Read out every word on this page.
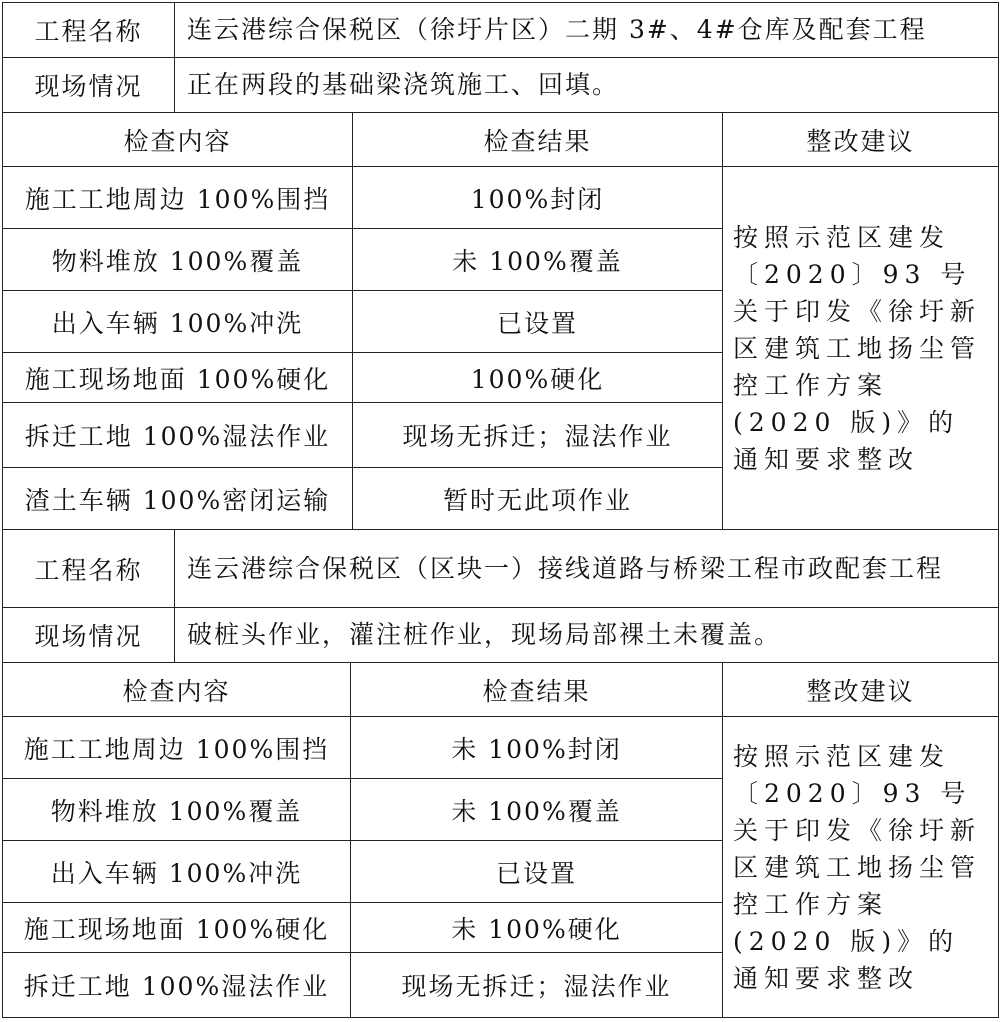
工程名称	连云港综合保税区（徐圩片区）二期 3#、4#仓库及配套工程
现场情况	正在两段的基础梁浇筑施工、回填。
检查内容	检查结果	整改建议
施工工地周边 100%围挡	100%封闭	按照示范区建发〔2020〕93 号关于印发《徐圩新区建筑工地扬尘管控工作方案(2020 版)》的通知要求整改
物料堆放 100%覆盖	未 100%覆盖	
出入车辆 100%冲洗	已设置	
施工现场地面 100%硬化	100%硬化	
拆迁工地 100%湿法作业	现场无拆迁；湿法作业	
渣土车辆 100%密闭运输	暂时无此项作业	
工程名称	连云港综合保税区（区块一）接线道路与桥梁工程市政配套工程
现场情况	破桩头作业，灌注桩作业，现场局部裸土未覆盖。
检查内容	检查结果	整改建议
施工工地周边 100%围挡	未 100%封闭	按照示范区建发〔2020〕93 号关于印发《徐圩新区建筑工地扬尘管控工作方案(2020 版)》的通知要求整改
物料堆放 100%覆盖	未 100%覆盖	
出入车辆 100%冲洗	已设置	
施工现场地面 100%硬化	未 100%硬化	
拆迁工地 100%湿法作业	现场无拆迁；湿法作业	
